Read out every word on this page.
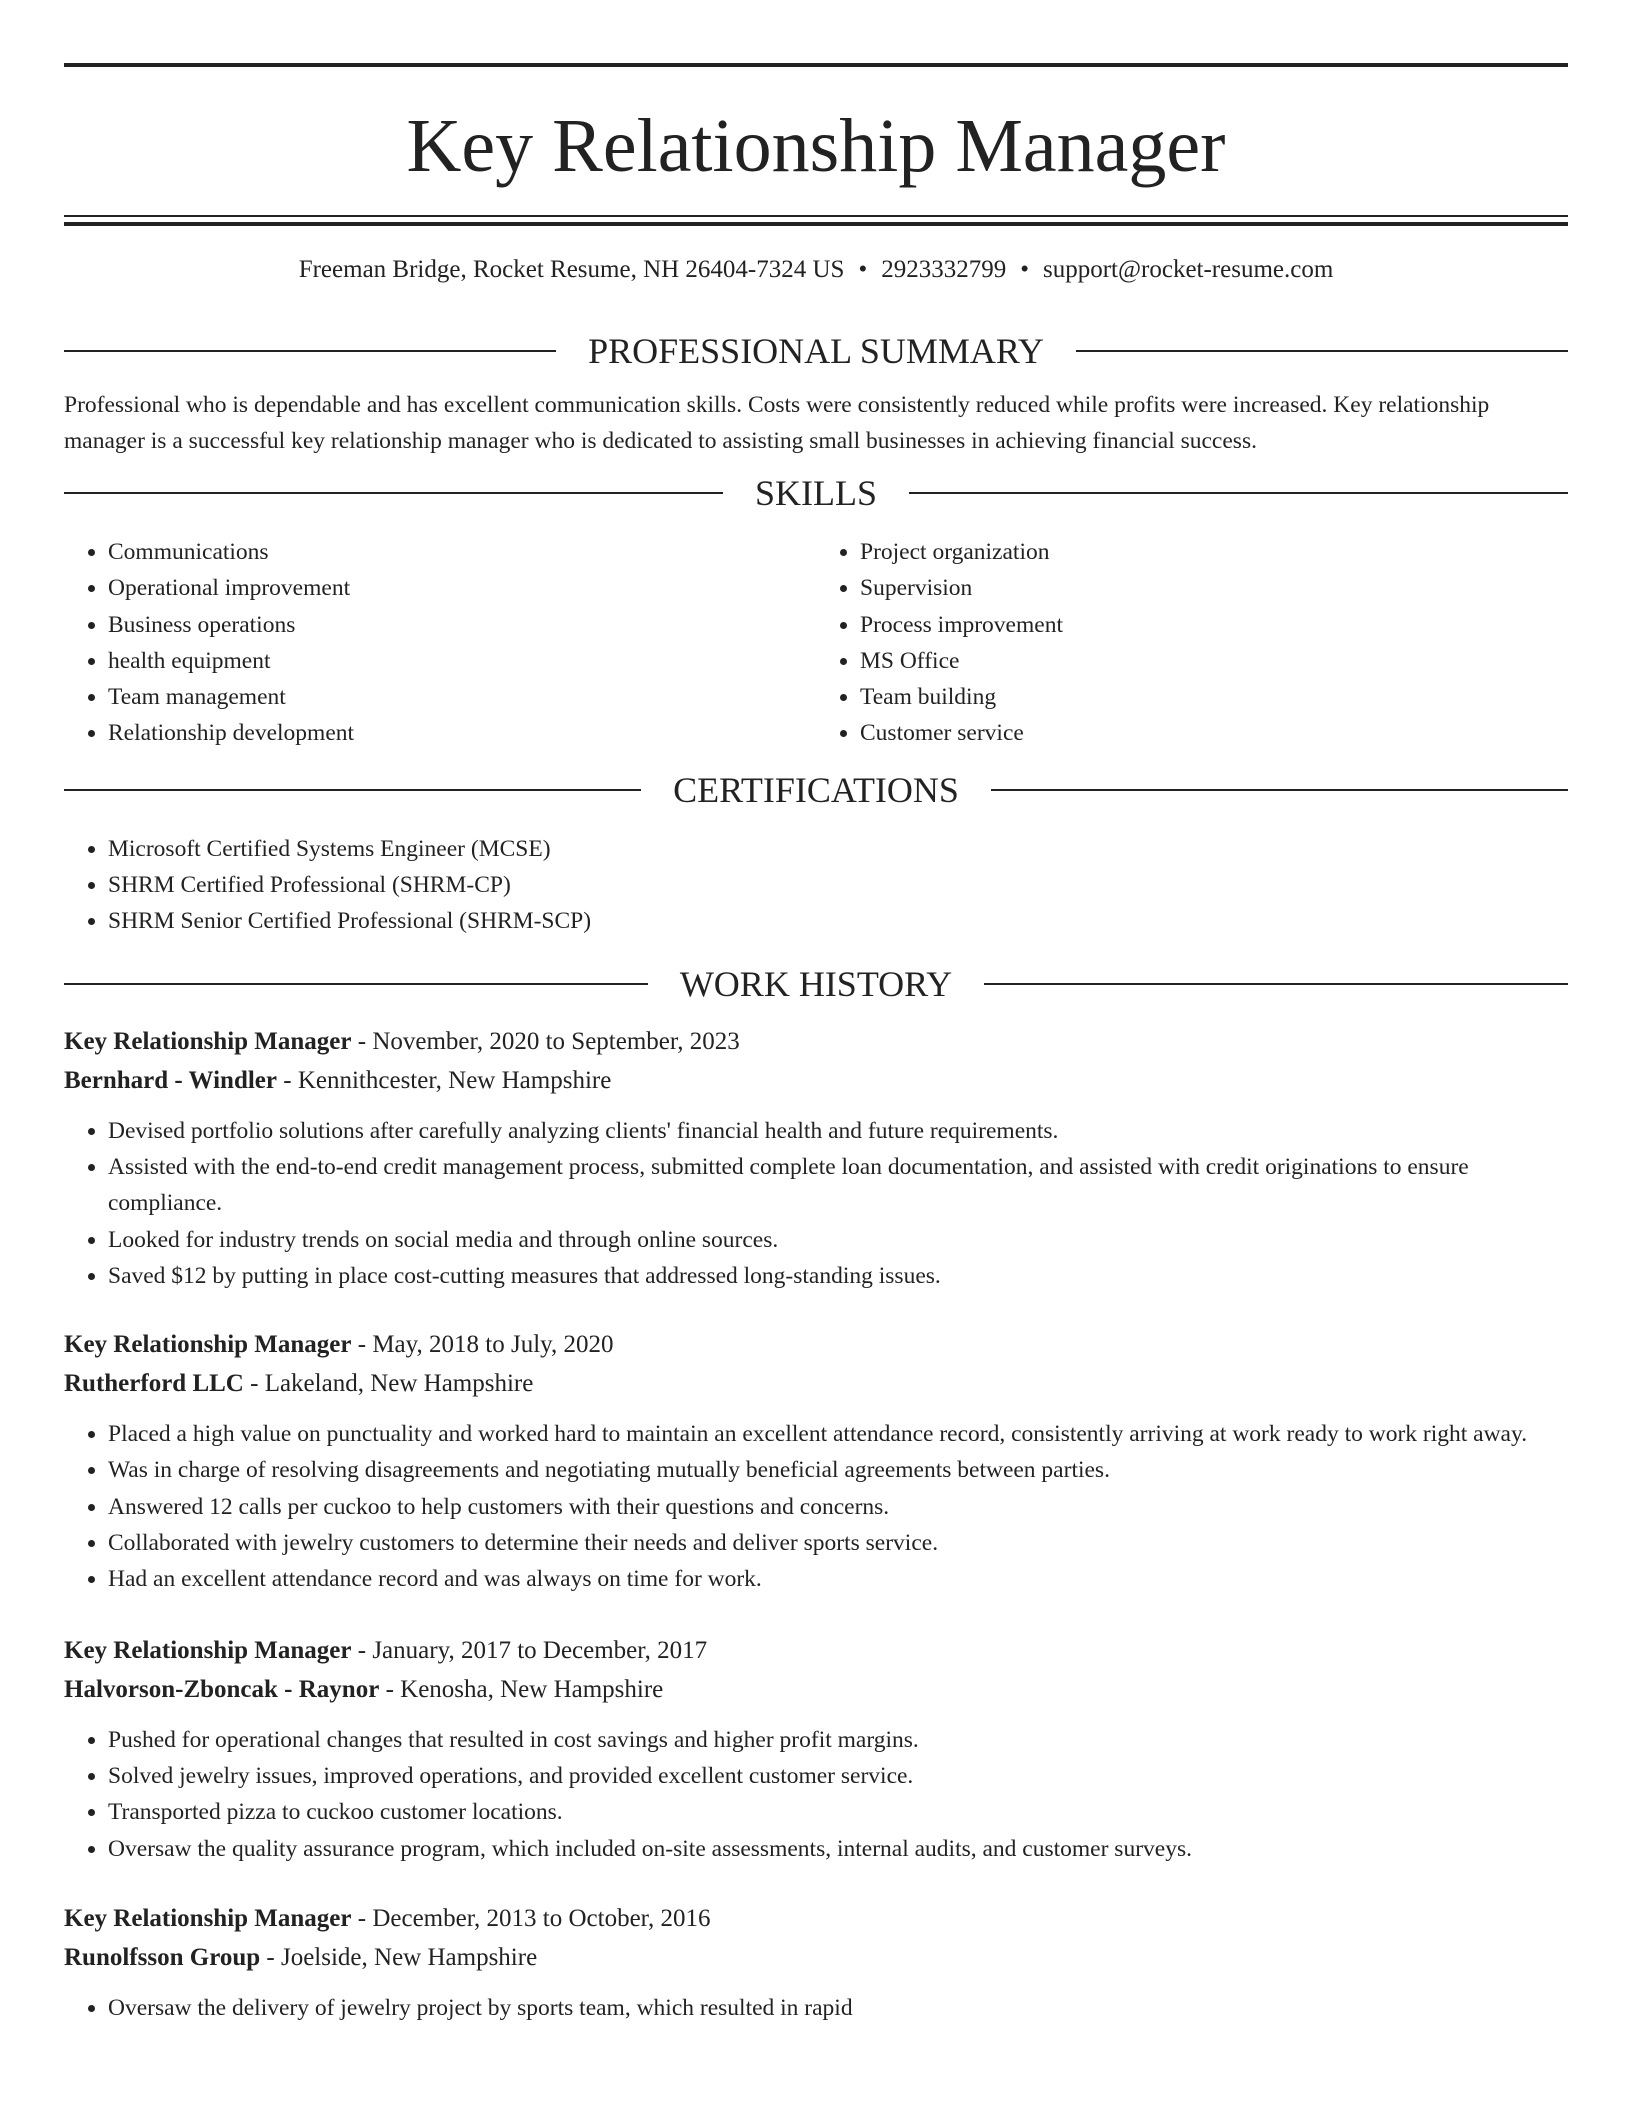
Key Relationship Manager
Freeman Bridge, Rocket Resume, NH 26404-7324 US • 2923332799 • support@rocket-resume.com
PROFESSIONAL SUMMARY

Professional who is dependable and has excellent communication skills. Costs were consistently reduced while profits were increased. Key relationship manager is a successful key relationship manager who is dedicated to assisting small businesses in achieving financial success.

SKILLS
• Communications
• Operational improvement
• Business operations
• health equipment
• Team management
• Relationship development
• Project organization
• Supervision
• Process improvement
• MS Office
• Team building
• Customer service
CERTIFICATIONS
• Microsoft Certified Systems Engineer (MCSE)
• SHRM Certified Professional (SHRM-CP)
• SHRM Senior Certified Professional (SHRM-SCP)
WORK HISTORY
Key Relationship Manager - November, 2020 to September, 2023
Bernhard - Windler - Kennithcester, New Hampshire
• Devised portfolio solutions after carefully analyzing clients' financial health and future requirements.
• Assisted with the end-to-end credit management process, submitted complete loan documentation, and assisted with credit originations to ensure compliance.
• Looked for industry trends on social media and through online sources.
• Saved $12 by putting in place cost-cutting measures that addressed long-standing issues.
Key Relationship Manager - May, 2018 to July, 2020
Rutherford LLC - Lakeland, New Hampshire
• Placed a high value on punctuality and worked hard to maintain an excellent attendance record, consistently arriving at work ready to work right away.
• Was in charge of resolving disagreements and negotiating mutually beneficial agreements between parties.
• Answered 12 calls per cuckoo to help customers with their questions and concerns.
• Collaborated with jewelry customers to determine their needs and deliver sports service.
• Had an excellent attendance record and was always on time for work.
Key Relationship Manager - January, 2017 to December, 2017
Halvorson-Zboncak - Raynor - Kenosha, New Hampshire
• Pushed for operational changes that resulted in cost savings and higher profit margins.
• Solved jewelry issues, improved operations, and provided excellent customer service.
• Transported pizza to cuckoo customer locations.
• Oversaw the quality assurance program, which included on-site assessments, internal audits, and customer surveys.
Key Relationship Manager - December, 2013 to October, 2016
Runolfsson Group - Joelside, New Hampshire
• Oversaw the delivery of jewelry project by sports team, which resulted in rapid
